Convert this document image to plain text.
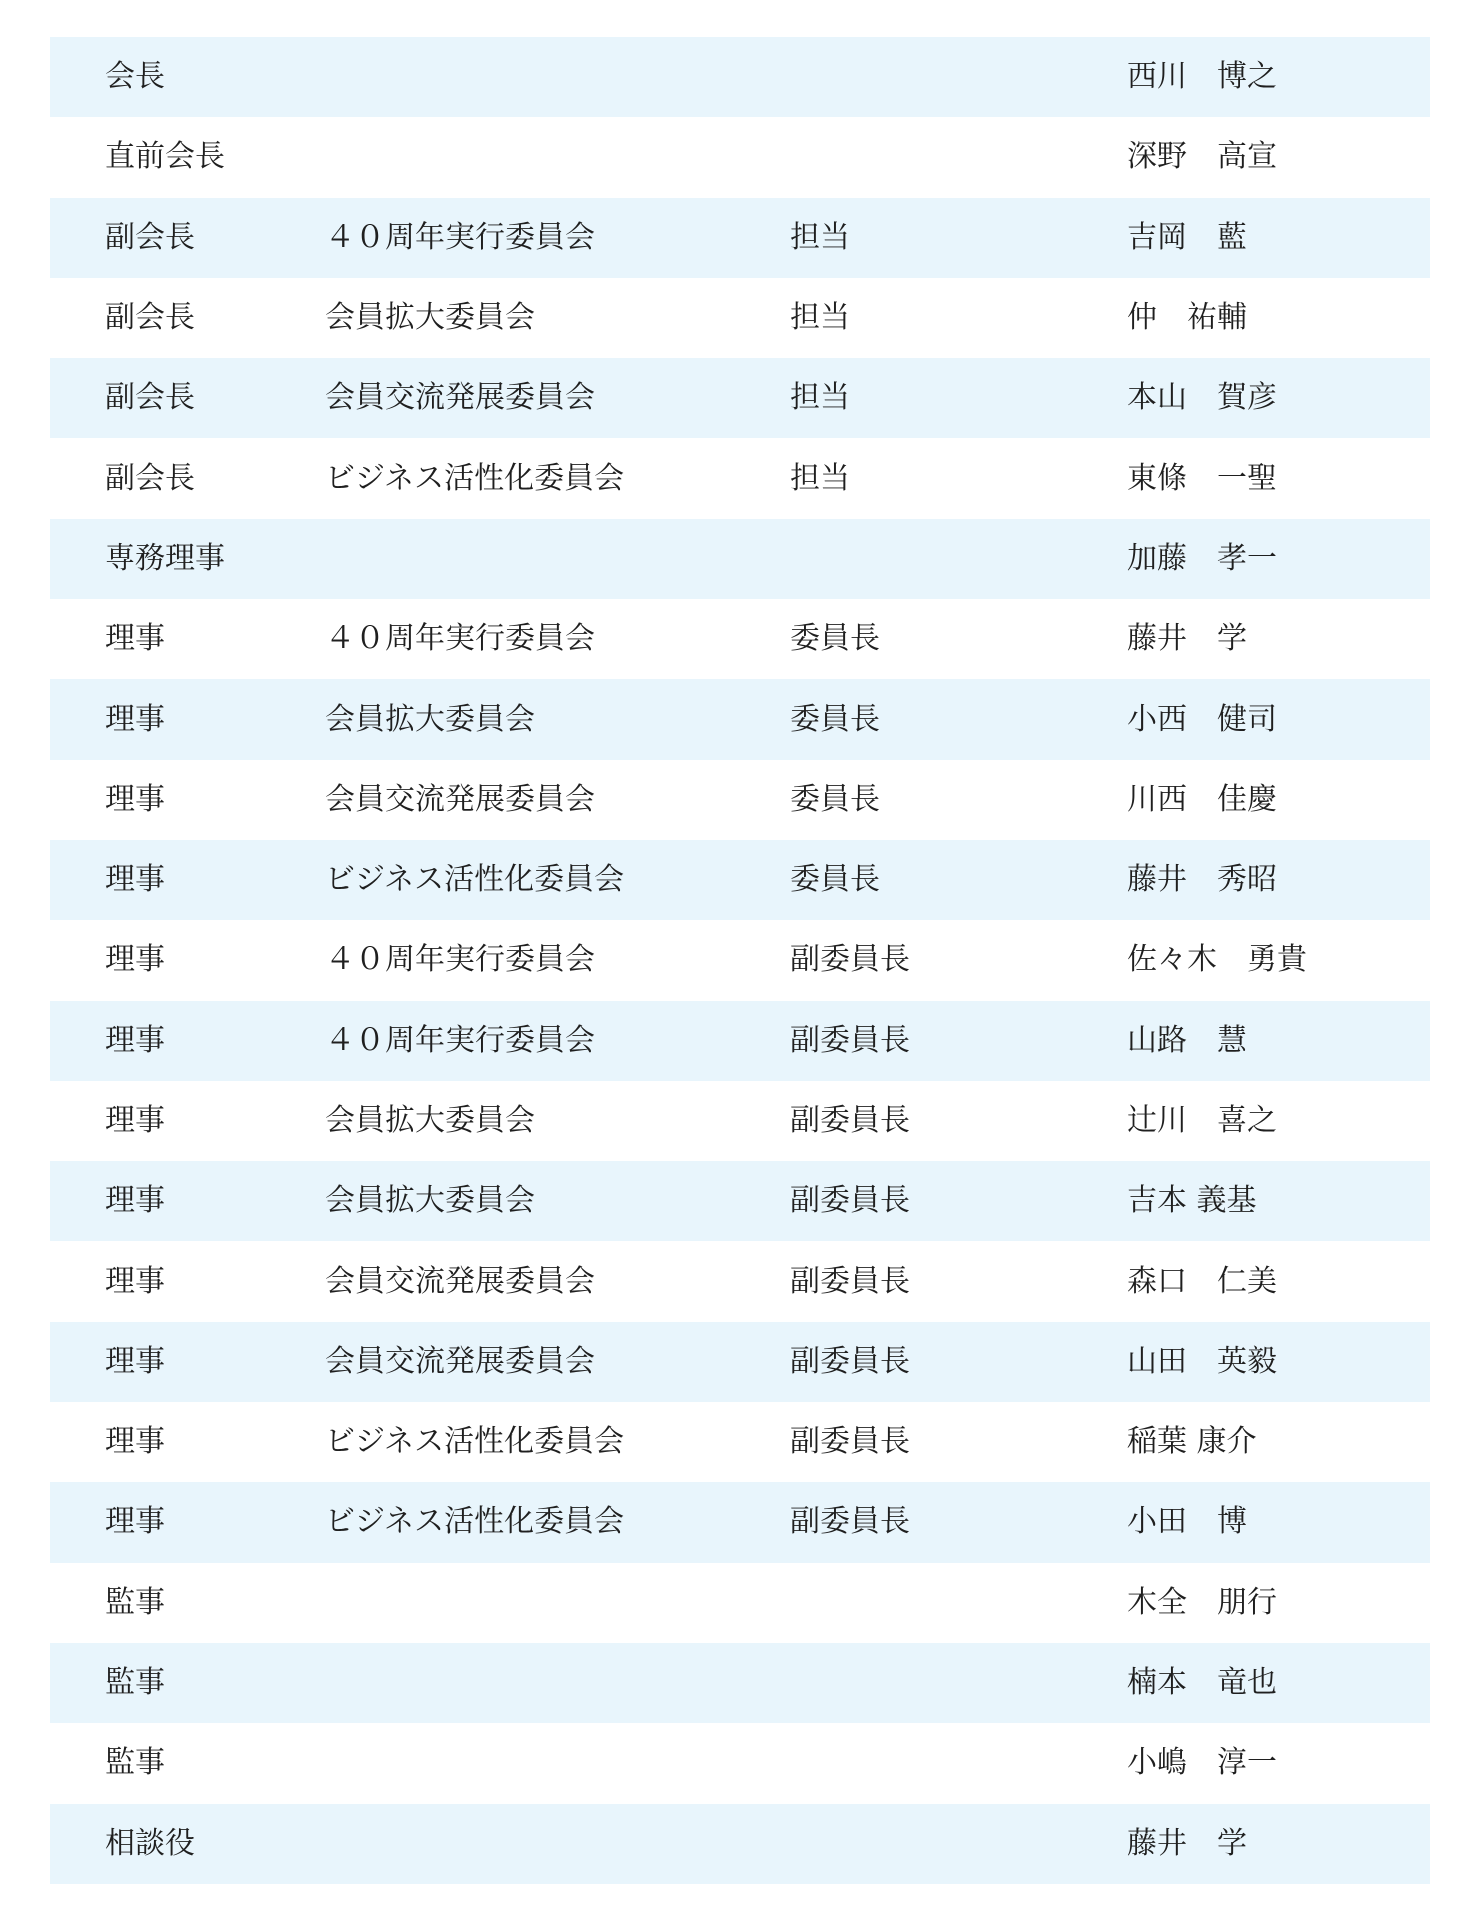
会長			西川　博之
直前会長			深野　高宣
副会長	４０周年実行委員会	担当	吉岡　藍
副会長	会員拡大委員会	担当	仲　祐輔
副会長	会員交流発展委員会	担当	本山　賀彦
副会長	ビジネス活性化委員会	担当	東條　一聖
専務理事			加藤　孝一
理事	４０周年実行委員会	委員長	藤井　学
理事	会員拡大委員会	委員長	小西　健司
理事	会員交流発展委員会	委員長	川西　佳慶
理事	ビジネス活性化委員会	委員長	藤井　秀昭
理事	４０周年実行委員会	副委員長	佐々木　勇貴
理事	４０周年実行委員会	副委員長	山路　慧
理事	会員拡大委員会	副委員長	辻川　喜之
理事	会員拡大委員会	副委員長	吉本 義基
理事	会員交流発展委員会	副委員長	森口　仁美
理事	会員交流発展委員会	副委員長	山田　英毅
理事	ビジネス活性化委員会	副委員長	稲葉 康介
理事	ビジネス活性化委員会	副委員長	小田　博
監事			木全　朋行
監事			楠本　竜也
監事			小嶋　淳一
相談役			藤井　学
